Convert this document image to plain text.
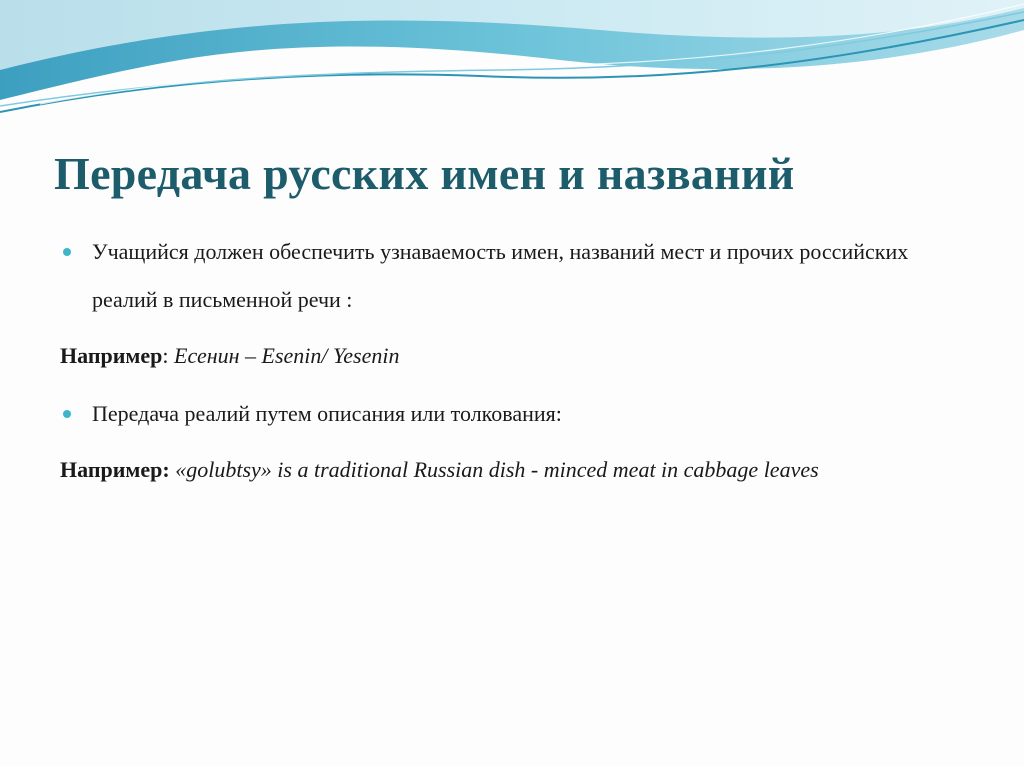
Передача русских имен и названий
Учащийся должен обеспечить узнаваемость имен, названий мест и прочих российских реалий в письменной речи :
Например: Есенин – Esenin/ Yesenin
Передача реалий путем описания или толкования:
Например: «golubtsy» is a traditional Russian dish - minced meat in cabbage leaves
